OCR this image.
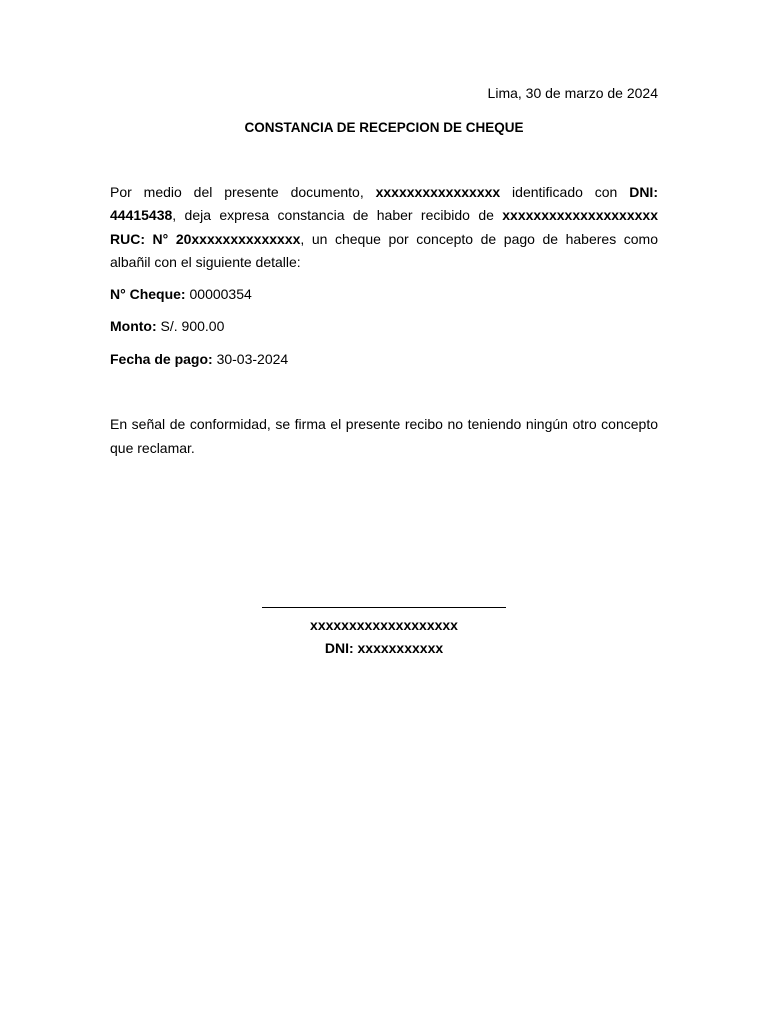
Lima, 30 de marzo de 2024
CONSTANCIA DE RECEPCION DE CHEQUE

Por medio del presente documento, xxxxxxxxxxxxxxxx identificado con DNI: 44415438, deja expresa constancia de haber recibido de xxxxxxxxxxxxxxxxxxxx RUC: N° 20xxxxxxxxxxxxxx, un cheque por concepto de pago de haberes como albañil con el siguiente detalle:

N° Cheque: 00000354

Monto: S/. 900.00

Fecha de pago: 30-03-2024

En señal de conformidad, se firma el presente recibo no teniendo ningún otro concepto que reclamar.

xxxxxxxxxxxxxxxxxxx
DNI: xxxxxxxxxxx
